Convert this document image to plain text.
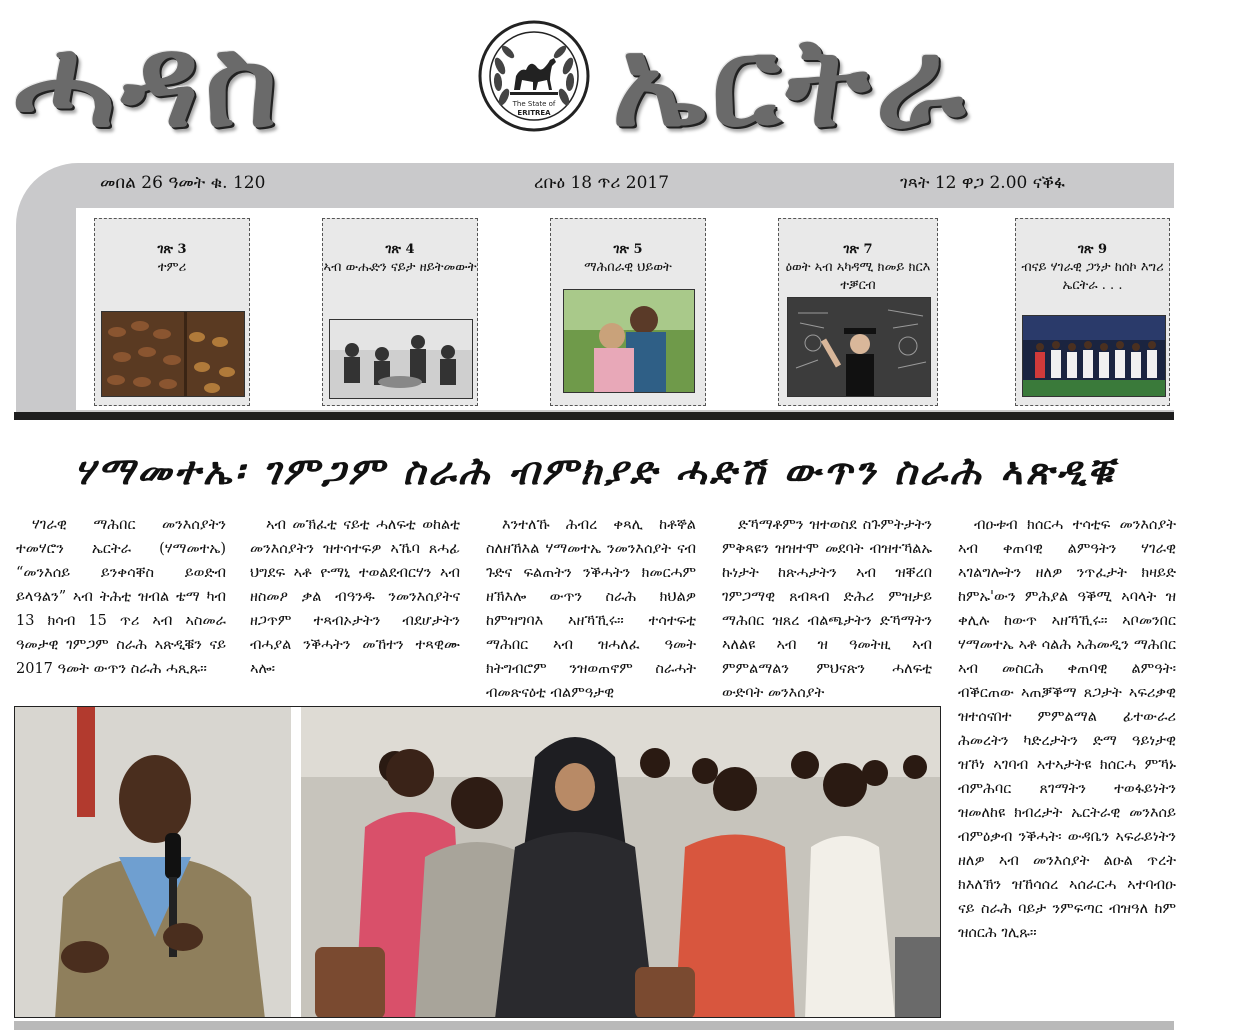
ሓዳስ	The State of
ERITREA ኤርትራ
መበል 26 ዓመት ቁ. 120	ረቡዕ 18 ጥሪ 2017	ገጻት 12 ዋጋ 2.00 ናቕፋ
ገጽ 3
ተምሪ
ገጽ 4
ኣብ ውሑድን ናይታ ዘይትመውት
ገጽ 5
ማሕበራዊ ህይወት
ገጽ 7
ዕወት ኣብ ኣካዳሚ ክመይ ክርእ ተቓርብ
ገጽ 9
ብናይ ሃገራዊ ጋንታ ከሰኮ እግሪ ኤርትራ . . .
ሃማመተኤ፡ ገምጋም ስራሕ ብምክያድ ሓድሽ ውጥን ስራሕ ኣጽዲቑ

ሃገራዊ ማሕበር መንእሰያትን ተመሃሮን ኤርትራ (ሃማመተኤ) “መንእሰይ ይንቀሳቐስ ይወድብ ይላዓልን” ኣብ ትሕቲ ዝብል ቴማ ካብ 13 ክሳብ 15 ጥሪ ኣብ ኣስመራ ዓመታዊ ገምጋም ስራሕ ኣጽዲቑን ናይ 2017 ዓመት ውጥን ስራሕ ሓጺጹ።

ኣብ መኽፈቲ ናይቲ ሓለፍቲ ወከልቲ መንእሰያትን ዝተሳተፍዎ ኣኼባ ጸሓፊ ህግደፍ ኣቶ ዮማኒ ተወልደብርሃን ኣብ ዘስመዖ ቃል ብዓንዱ ንመንእሰያትና ዘጋጥም ተጻብኦታትን ብደሆታትን ብሓያል ንቕሓትን መኸተን ተጻዊሙ ኣሎ፡

እንተለኹ ሕብረ ቀጻሊ ከቶኞል ስለዘኸእል ሃማመተኤ ንመንእሰያት ናብ ጉድና ፍልጠትን ንቕሓትን ክመርሓም ዘኽእሎ ውጥን ስራሕ ክህልዎ ከምዝግባእ ኣዘኻኺሩ። ተሳተፍቲ ማሕበር ኣብ ዝሓለፈ ዓመት ክትግብሮም ንዝወጠኖም ስራሓት ብመጽናዕቲ ብልምዓታዊ

ድኻማቶምን ዝተወስደ ስጉምትታትን ምቅጻዩን ዝዝተሞ መደባት ብዝተኻልኡ ኩነታት ከጽሓታትን ኣብ ዝቐረበ ገምጋማዊ ጸብጻብ ድሕሪ ምዝታይ ማሕበር ዝጸረ ብልጫታትን ድኻማትን ኣለልዩ ኣብ ዝ ዓመትዚ ኣብ ምምልማልን ምህናጽን ሓለፍቲ ውድባት መንእሰያት

ብዑቱብ ክሰርሓ ተሳቲፍ መንእሰያት ኣብ ቀጠባዊ ልምዓትን ሃገራዊ ኣገልግሎትን ዘለዎ ንጥፈታት ክዛይድ ከምኡ'ውን ምሕያል ዓቕሚ ኣባላት ዝ ቀሊሉ ከውጥ ኣዘኻኺሩ። ኣቦመንበር ሃማመተኤ ኣቶ ሳልሕ ኣሕመዲን ማሕበር ኣብ መስርሕ ቀጠባዊ ልምዓት፡ ብቕርጠው ኣጠቓቕማ ጸጋታት ኣፍሪቃዊ ዝተሰናበተ ምምልማል ፊተውራሪ ሕመረትን ካድረታትን ድማ ዓይነታዊ ዝኾነ ኣገባብ ኣተኣታትዩ ክሰርሓ ምኻኑ ብምሕባር ጸገማትን ተወፋይነትን ዝመለከዩ ክብረታት ኤርትራዊ መንእሰይ ብምዕቃብ ንቕሓት፡ ውዳቤን ኣፍራይነትን ዘለዎ ኣብ መንእሰያት ልዑል ጥረት ክእለኽን ዝኸሳሰረ ኣሰራርሓ ኣተባብዑ ናይ ስራሕ ባይታ ንምፍጣር ብዝዓለ ከም ዝሰርሕ ገሊጹ።
